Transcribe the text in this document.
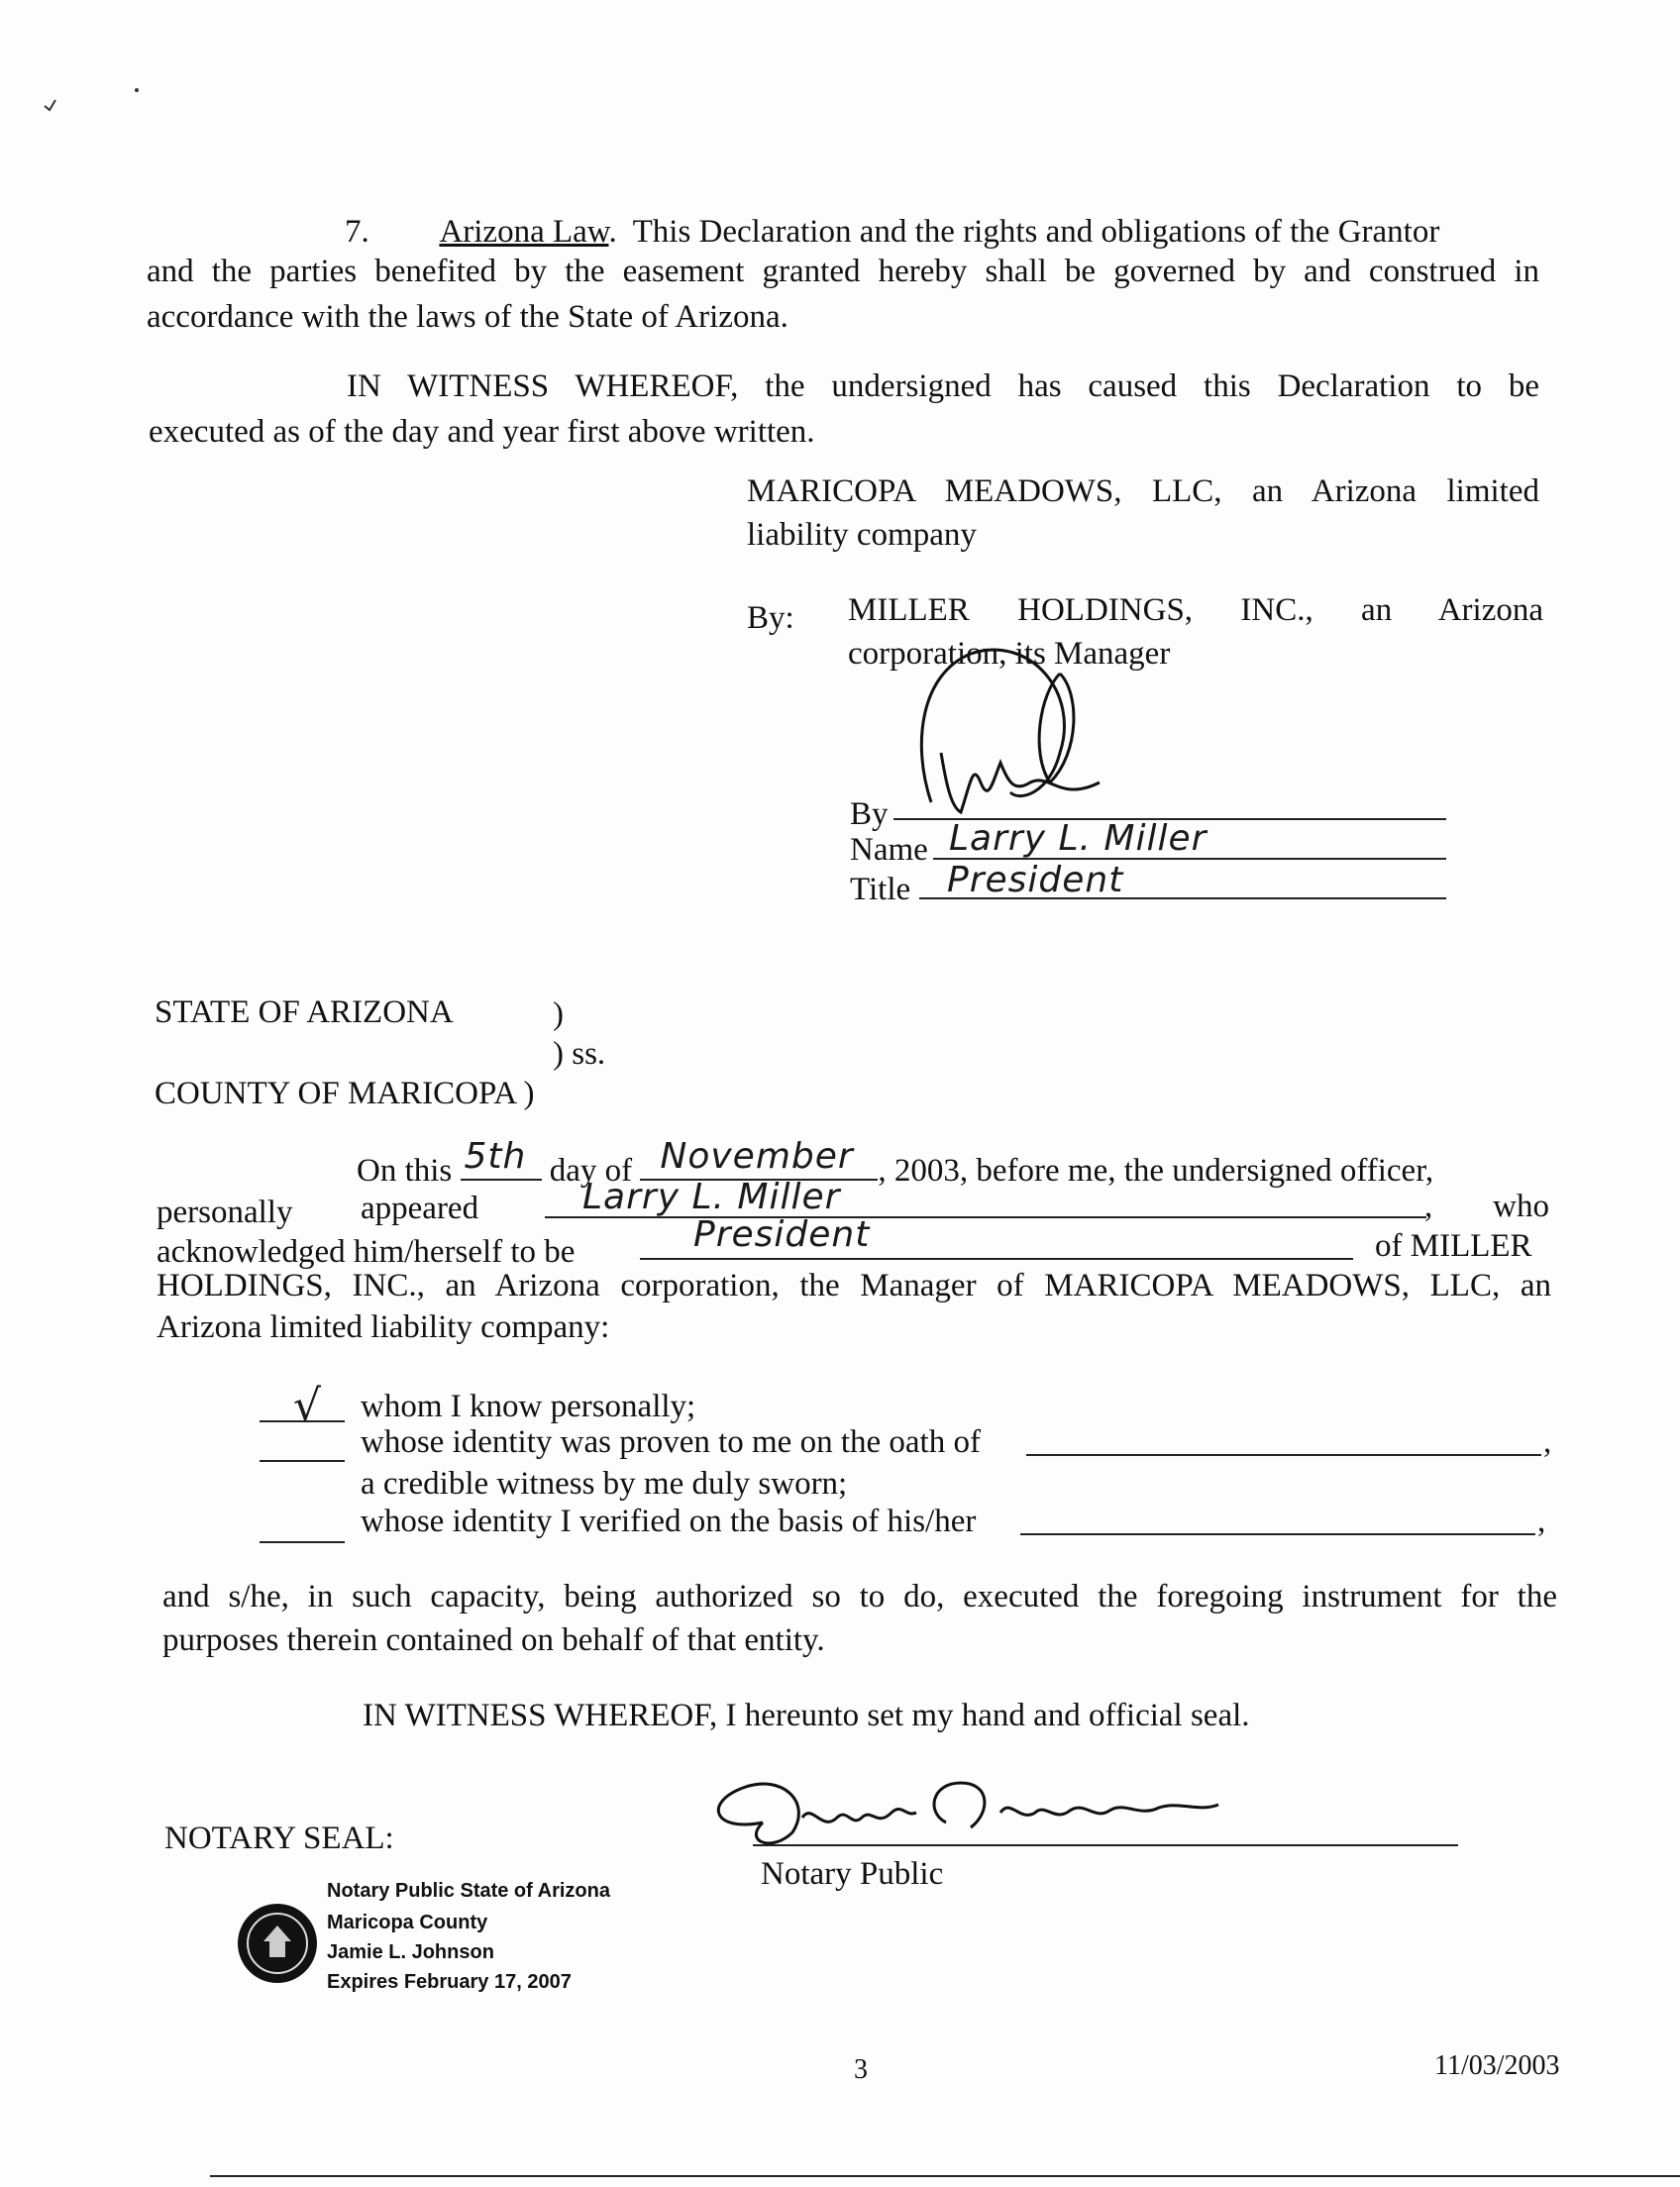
7. Arizona Law.  This Declaration and the rights and obligations of the Grantor
and the parties benefited by the easement granted hereby shall be governed by and construed in
accordance with the laws of the State of Arizona.
IN WITNESS WHEREOF, the undersigned has caused this Declaration to be
executed as of the day and year first above written.
MARICOPA MEADOWS, LLC, an Arizona limited
liability company
By: MILLER HOLDINGS, INC., an Arizona
corporation, its Manager
By
Name Larry L. Miller
Title President
STATE OF ARIZONA	)
) ss.
COUNTY OF MARICOPA )
On this 5th day of November , 2003, before me, the undersigned officer,
personally appeared	Larry L. Miller	, who
acknowledged him/herself to be	President	of MILLER
HOLDINGS, INC., an Arizona corporation, the Manager of MARICOPA MEADOWS, LLC, an
Arizona limited liability company:
√ whom I know personally;
whose identity was proven to me on the oath of	,
a credible witness by me duly sworn;
whose identity I verified on the basis of his/her	,
and s/he, in such capacity, being authorized so to do, executed the foregoing instrument for the
purposes therein contained on behalf of that entity.
IN WITNESS WHEREOF, I hereunto set my hand and official seal.
NOTARY SEAL:
Notary Public
Notary Public State of Arizona
Maricopa County
Jamie L. Johnson
Expires February 17, 2007
3	11/03/2003
